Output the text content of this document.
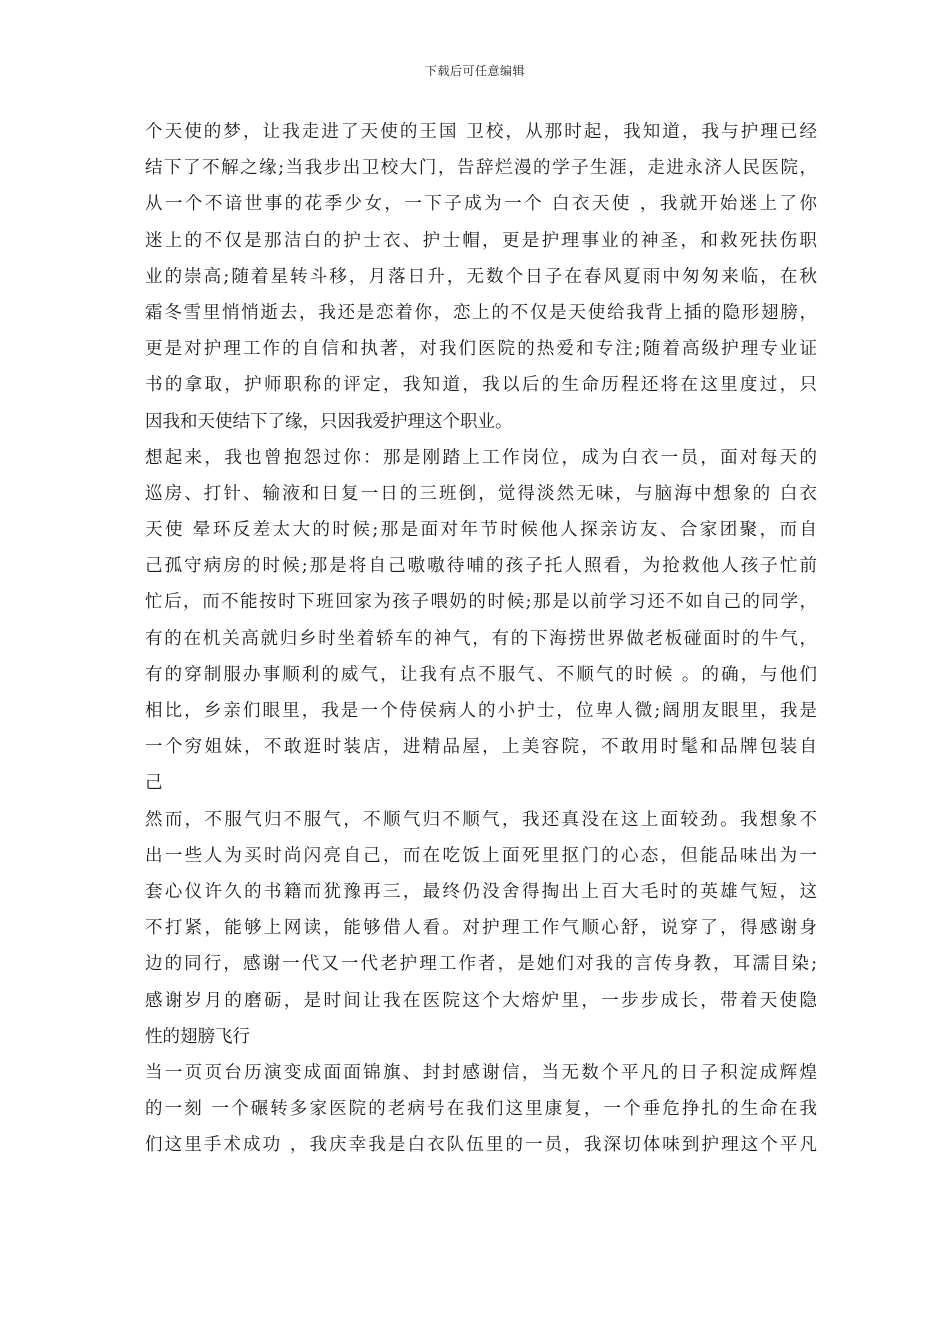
下载后可任意编辑
个天使的梦，让我走进了天使的王国 卫校，从那时起，我知道，我与护理已经
结下了不解之缘;当我步出卫校大门，告辞烂漫的学子生涯，走进永济人民医院，
从一个不谙世事的花季少女，一下子成为一个 白衣天使 ，我就开始迷上了你
迷上的不仅是那洁白的护士衣、护士帽，更是护理事业的神圣，和救死扶伤职
业的崇高;随着星转斗移，月落日升，无数个日子在春风夏雨中匆匆来临，在秋
霜冬雪里悄悄逝去，我还是恋着你，恋上的不仅是天使给我背上插的隐形翅膀，
更是对护理工作的自信和执著，对我们医院的热爱和专注;随着高级护理专业证
书的拿取，护师职称的评定，我知道，我以后的生命历程还将在这里度过，只
因我和天使结下了缘，只因我爱护理这个职业。
想起来，我也曾抱怨过你：那是刚踏上工作岗位，成为白衣一员，面对每天的
巡房、打针、输液和日复一日的三班倒，觉得淡然无味，与脑海中想象的 白衣
天使 晕环反差太大的时候;那是面对年节时候他人探亲访友、合家团聚，而自
己孤守病房的时候;那是将自己嗷嗷待哺的孩子托人照看，为抢救他人孩子忙前
忙后，而不能按时下班回家为孩子喂奶的时候;那是以前学习还不如自己的同学，
有的在机关高就归乡时坐着轿车的神气，有的下海捞世界做老板碰面时的牛气，
有的穿制服办事顺利的威气，让我有点不服气、不顺气的时候 。的确，与他们
相比，乡亲们眼里，我是一个侍侯病人的小护士，位卑人微;阔朋友眼里，我是
一个穷姐妹，不敢逛时装店，进精品屋，上美容院，不敢用时髦和品牌包装自
己
然而，不服气归不服气，不顺气归不顺气，我还真没在这上面较劲。我想象不
出一些人为买时尚闪亮自己，而在吃饭上面死里抠门的心态，但能品味出为一
套心仪许久的书籍而犹豫再三，最终仍没舍得掏出上百大毛时的英雄气短，这
不打紧，能够上网读，能够借人看。对护理工作气顺心舒，说穿了，得感谢身
边的同行，感谢一代又一代老护理工作者，是她们对我的言传身教，耳濡目染;
感谢岁月的磨砺，是时间让我在医院这个大熔炉里，一步步成长，带着天使隐
性的翅膀飞行
当一页页台历演变成面面锦旗、封封感谢信，当无数个平凡的日子积淀成辉煌
的一刻 一个碾转多家医院的老病号在我们这里康复，一个垂危挣扎的生命在我
们这里手术成功 ，我庆幸我是白衣队伍里的一员，我深切体味到护理这个平凡
